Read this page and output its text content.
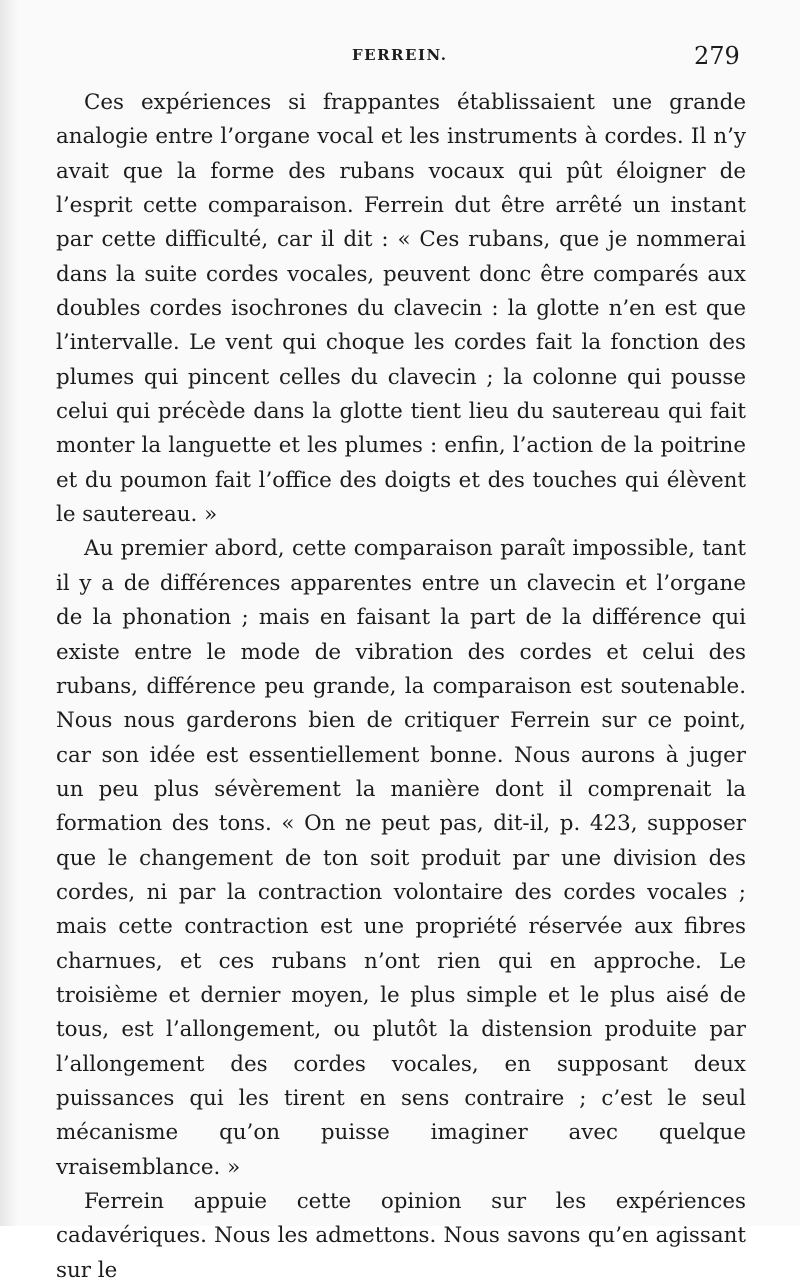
FERREIN.	279

Ces expériences si frappantes établissaient une grande analogie entre l’organe vocal et les instruments à cordes. Il n’y avait que la forme des rubans vocaux qui pût éloigner de l’esprit cette comparaison. Ferrein dut être arrêté un instant par cette difficulté, car il dit : « Ces rubans, que je nommerai dans la suite cordes vocales, peuvent donc être comparés aux doubles cordes isochrones du clavecin : la glotte n’en est que l’intervalle. Le vent qui choque les cordes fait la fonction des plumes qui pincent celles du clavecin ; la colonne qui pousse celui qui précède dans la glotte tient lieu du sautereau qui fait monter la languette et les plumes : enfin, l’action de la poitrine et du poumon fait l’office des doigts et des touches qui élèvent le sautereau. »

Au premier abord, cette comparaison paraît impossible, tant il y a de différences apparentes entre un clavecin et l’organe de la phonation ; mais en faisant la part de la différence qui existe entre le mode de vibration des cordes et celui des rubans, différence peu grande, la comparaison est soutenable. Nous nous garderons bien de critiquer Ferrein sur ce point, car son idée est essentiellement bonne. Nous aurons à juger un peu plus sévèrement la manière dont il comprenait la formation des tons. « On ne peut pas, dit-il, p. 423, supposer que le changement de ton soit produit par une division des cordes, ni par la contraction volontaire des cordes vocales ; mais cette contraction est une propriété réservée aux fibres charnues, et ces rubans n’ont rien qui en approche. Le troisième et dernier moyen, le plus simple et le plus aisé de tous, est l’allongement, ou plutôt la distension produite par l’allongement des cordes vocales, en supposant deux puissances qui les tirent en sens contraire ; c’est le seul mécanisme qu’on puisse imaginer avec quelque vraisemblance. »

Ferrein appuie cette opinion sur les expériences cadavériques. Nous les admettons. Nous savons qu’en agissant sur le
